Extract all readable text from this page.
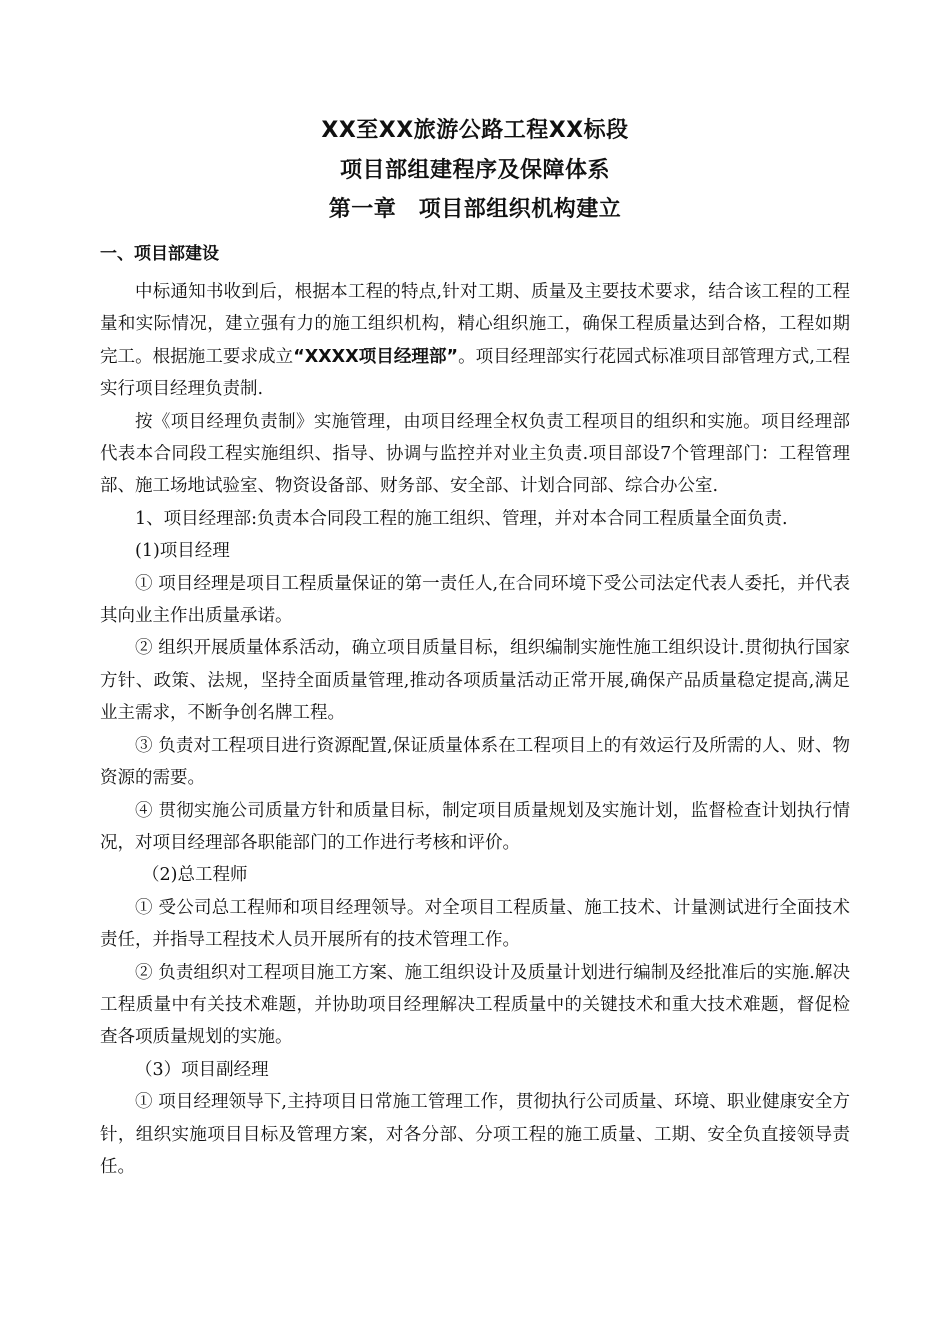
XX至XX旅游公路工程XX标段
项目部组建程序及保障体系
第一章　项目部组织机构建立
一、项目部建设

中标通知书收到后，根据本工程的特点,针对工期、质量及主要技术要求，结合该工程的工程量和实际情况，建立强有力的施工组织机构，精心组织施工，确保工程质量达到合格，工程如期完工。根据施工要求成立“XXXX项目经理部”。项目经理部实行花园式标准项目部管理方式,工程实行项目经理负责制.

按《项目经理负责制》实施管理，由项目经理全权负责工程项目的组织和实施。项目经理部代表本合同段工程实施组织、指导、协调与监控并对业主负责.项目部设7个管理部门：工程管理部、施工场地试验室、物资设备部、财务部、安全部、计划合同部、综合办公室.

1、项目经理部:负责本合同段工程的施工组织、管理，并对本合同工程质量全面负责.

(1)项目经理

① 项目经理是项目工程质量保证的第一责任人,在合同环境下受公司法定代表人委托，并代表其向业主作出质量承诺。

② 组织开展质量体系活动，确立项目质量目标，组织编制实施性施工组织设计.贯彻执行国家方针、政策、法规，坚持全面质量管理,推动各项质量活动正常开展,确保产品质量稳定提高,满足业主需求，不断争创名牌工程。

③ 负责对工程项目进行资源配置,保证质量体系在工程项目上的有效运行及所需的人、财、物资源的需要。

④ 贯彻实施公司质量方针和质量目标，制定项目质量规划及实施计划，监督检查计划执行情况，对项目经理部各职能部门的工作进行考核和评价。

（2)总工程师

① 受公司总工程师和项目经理领导。对全项目工程质量、施工技术、计量测试进行全面技术责任，并指导工程技术人员开展所有的技术管理工作。

② 负责组织对工程项目施工方案、施工组织设计及质量计划进行编制及经批准后的实施.解决工程质量中有关技术难题，并协助项目经理解决工程质量中的关键技术和重大技术难题，督促检查各项质量规划的实施。

（3）项目副经理

① 项目经理领导下,主持项目日常施工管理工作，贯彻执行公司质量、环境、职业健康安全方针，组织实施项目目标及管理方案，对各分部、分项工程的施工质量、工期、安全负直接领导责任。
